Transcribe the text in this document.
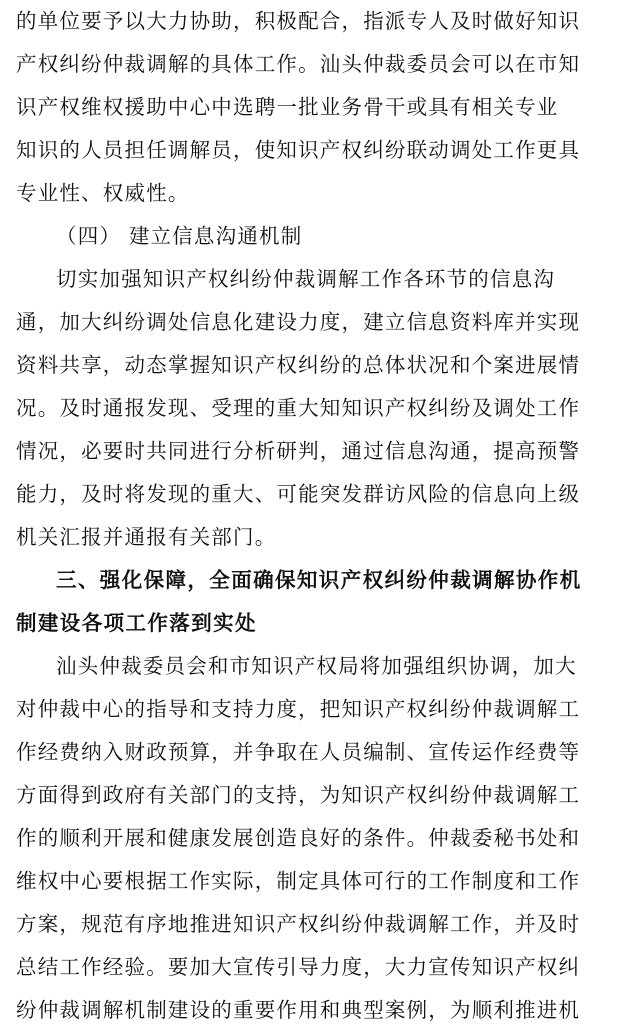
的单位要予以大力协助，积极配合，指派专人及时做好知识
产权纠纷仲裁调解的具体工作。汕头仲裁委员会可以在市知
识产权维权援助中心中选聘一批业务骨干或具有相关专业
知识的人员担任调解员，使知识产权纠纷联动调处工作更具
专业性、权威性。
（四） 建立信息沟通机制
切实加强知识产权纠纷仲裁调解工作各环节的信息沟
通，加大纠纷调处信息化建设力度，建立信息资料库并实现
资料共享，动态掌握知识产权纠纷的总体状况和个案进展情
况。及时通报发现、受理的重大知知识产权纠纷及调处工作
情况，必要时共同进行分析研判，通过信息沟通，提高预警
能力，及时将发现的重大、可能突发群访风险的信息向上级
机关汇报并通报有关部门。
三、强化保障，全面确保知识产权纠纷仲裁调解协作机
制建设各项工作落到实处
汕头仲裁委员会和市知识产权局将加强组织协调，加大
对仲裁中心的指导和支持力度，把知识产权纠纷仲裁调解工
作经费纳入财政预算，并争取在人员编制、宣传运作经费等
方面得到政府有关部门的支持，为知识产权纠纷仲裁调解工
作的顺利开展和健康发展创造良好的条件。仲裁委秘书处和
维权中心要根据工作实际，制定具体可行的工作制度和工作
方案，规范有序地推进知识产权纠纷仲裁调解工作，并及时
总结工作经验。要加大宣传引导力度，大力宣传知识产权纠
纷仲裁调解机制建设的重要作用和典型案例，为顺利推进机
